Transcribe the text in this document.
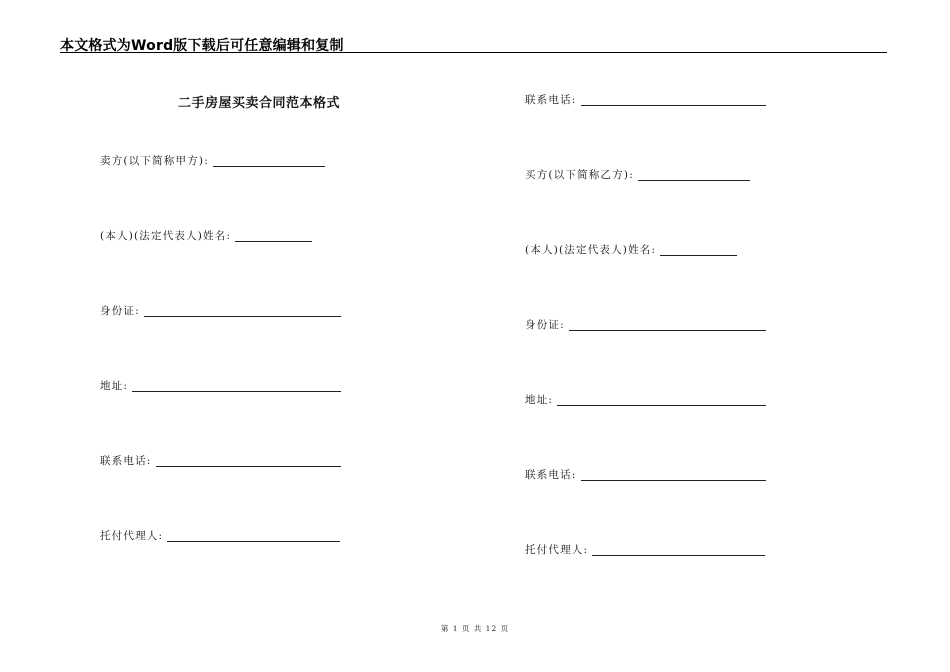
本文格式为Word版下载后可任意编辑和复制
二手房屋买卖合同范本格式
卖方(以下简称甲方):
(本人)(法定代表人)姓名:
身份证:
地址:
联系电话:
托付代理人:
联系电话:
买方(以下简称乙方):
(本人)(法定代表人)姓名:
身份证:
地址:
联系电话:
托付代理人:
第 1 页 共 12 页
